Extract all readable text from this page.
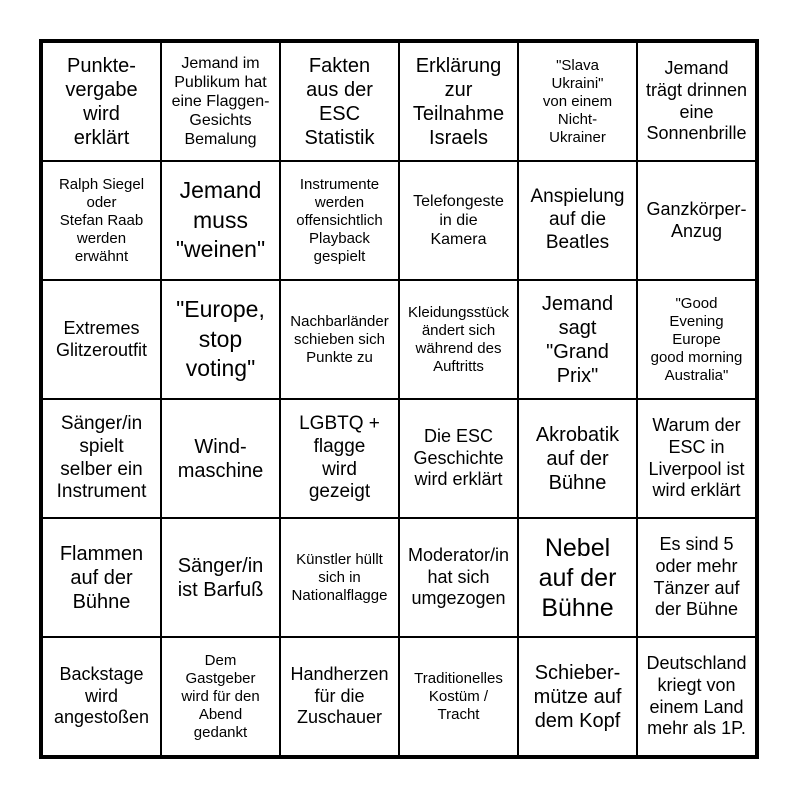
Punkte-
vergabe
wird
erklärt
Jemand im
Publikum hat
eine Flaggen-
Gesichts
Bemalung
Fakten
aus der
ESC
Statistik
Erklärung
zur
Teilnahme
Israels
"Slava
Ukraini"
von einem
Nicht-
Ukrainer
Jemand
trägt drinnen
eine
Sonnenbrille
Ralph Siegel
oder
Stefan Raab
werden
erwähnt
Jemand
muss
"weinen"
Instrumente
werden
offensichtlich
Playback
gespielt
Telefongeste
in die
Kamera
Anspielung
auf die
Beatles
Ganzkörper-
Anzug
Extremes
Glitzeroutfit
"Europe,
stop
voting"
Nachbarländer
schieben sich
Punkte zu
Kleidungsstück
ändert sich
während des
Auftritts
Jemand
sagt
"Grand
Prix"
"Good
Evening
Europe
good morning
Australia"
Sänger/in
spielt
selber ein
Instrument
Wind-
maschine
LGBTQ +
flagge
wird
gezeigt
Die ESC
Geschichte
wird erklärt
Akrobatik
auf der
Bühne
Warum der
ESC in
Liverpool ist
wird erklärt
Flammen
auf der
Bühne
Sänger/in
ist Barfuß
Künstler hüllt
sich in
Nationalflagge
Moderator/in
hat sich
umgezogen
Nebel
auf der
Bühne
Es sind 5
oder mehr
Tänzer auf
der Bühne
Backstage
wird
angestoßen
Dem
Gastgeber
wird für den
Abend
gedankt
Handherzen
für die
Zuschauer
Traditionelles
Kostüm /
Tracht
Schieber-
mütze auf
dem Kopf
Deutschland
kriegt von
einem Land
mehr als 1P.
